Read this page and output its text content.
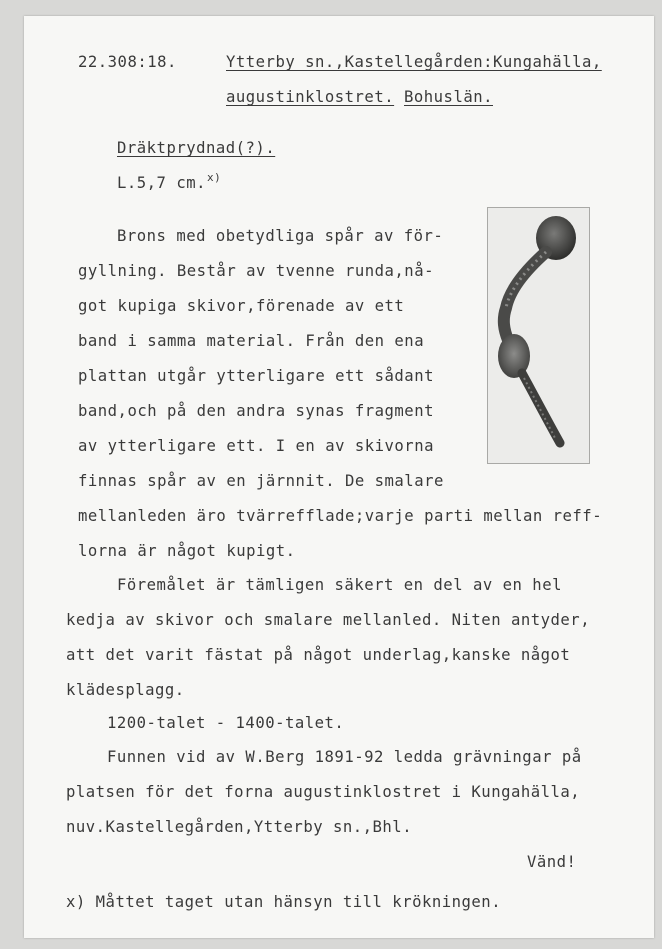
22.308:18.	Ytterby sn.,Kastellegården:Kungahälla,
augustinklostret. Bohuslän.
Dräktprydnad(?).
L.5,7 cm.$^{x)}$
Brons med obetydliga spår av för-
gyllning. Består av tvenne runda,nå-
got kupiga skivor,förenade av ett
band i samma material. Från den ena
plattan utgår ytterligare ett sådant
band,och på den andra synas fragment
av ytterligare ett. I en av skivorna
finnas spår av en järnnit. De smalare
mellanleden äro tvärrefflade;varje parti mellan reff-
lorna är något kupigt.
Föremålet är tämligen säkert en del av en hel
kedja av skivor och smalare mellanled. Niten antyder,
att det varit fästat på något underlag,kanske något
klädesplagg.
1200-talet - 1400-talet.
Funnen vid av W.Berg 1891-92 ledda grävningar på
platsen för det forna augustinklostret i Kungahälla,
nuv.Kastellegården,Ytterby sn.,Bhl.
Vänd!
x) Måttet taget utan hänsyn till krökningen.
